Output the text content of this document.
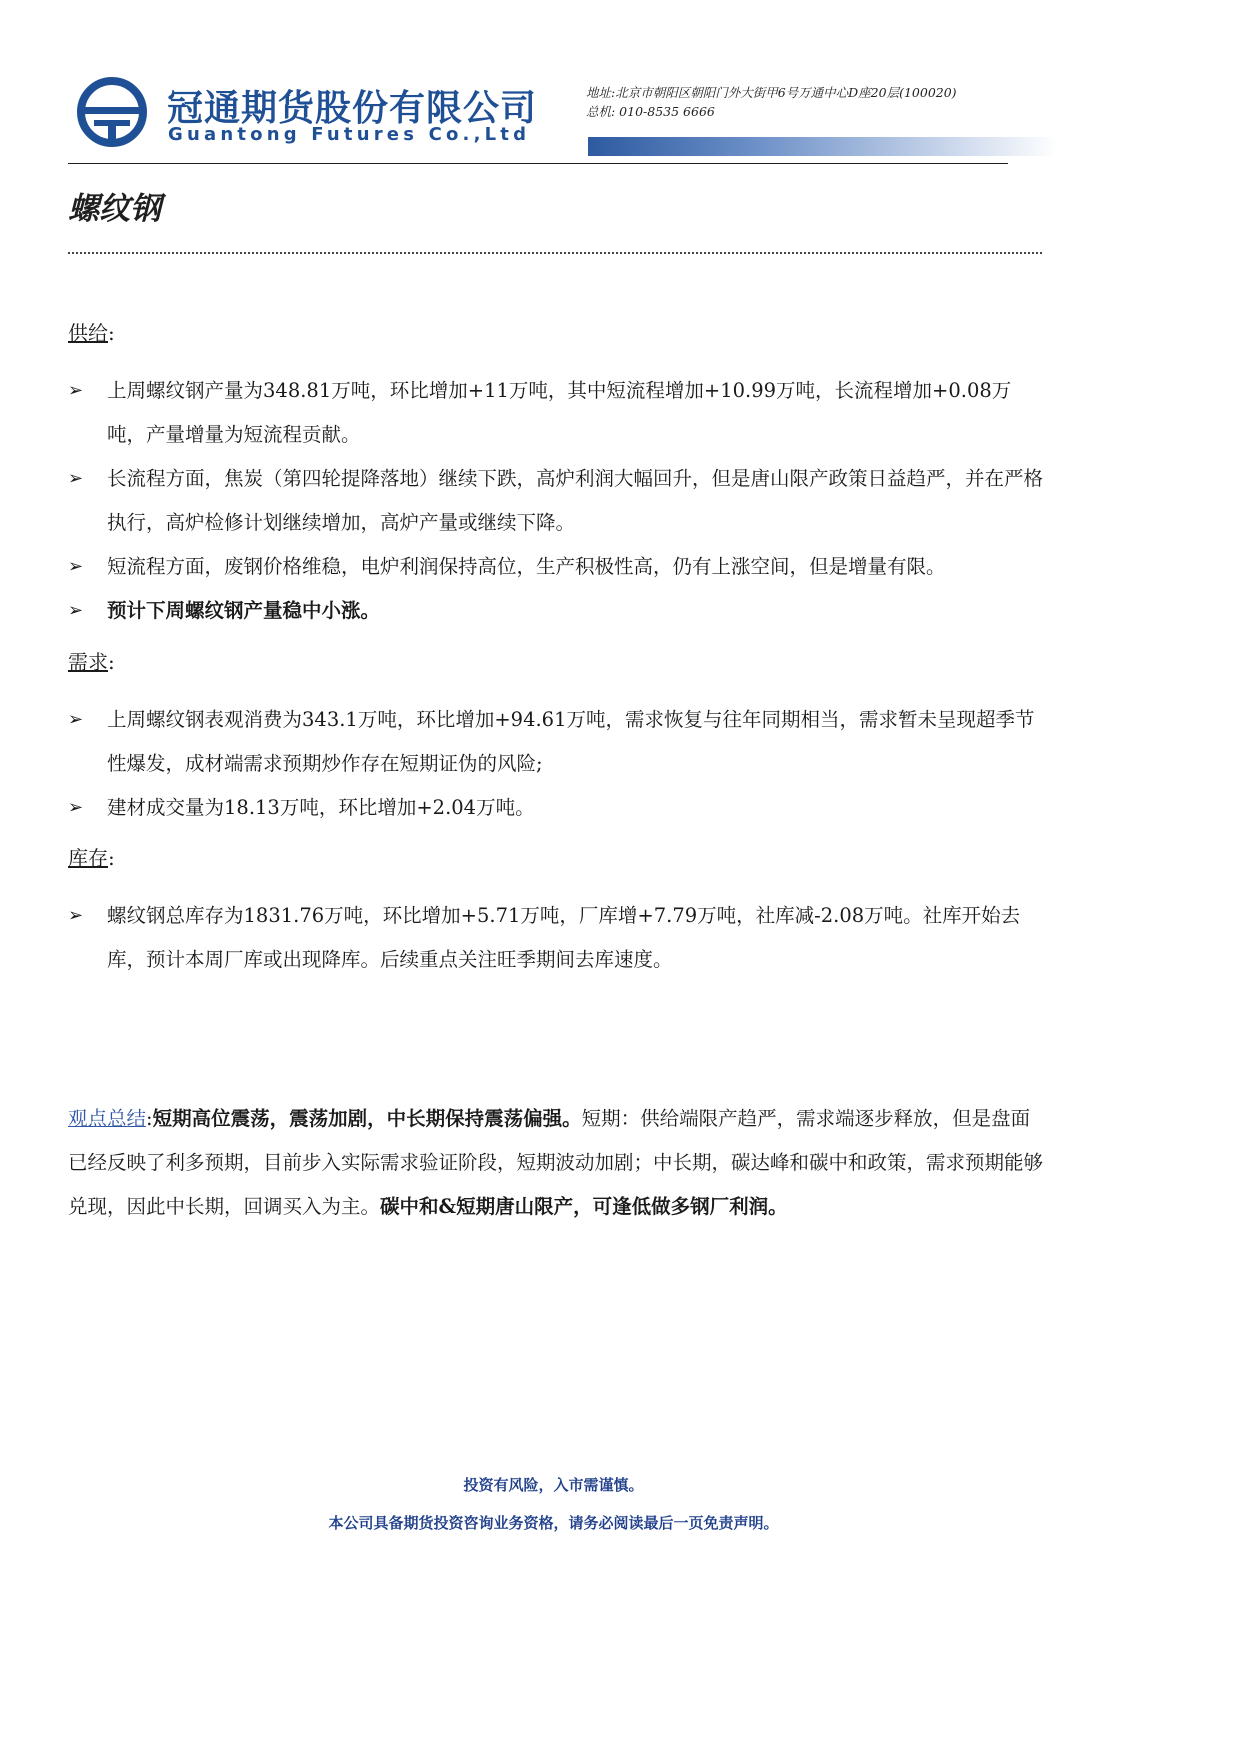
冠通期货股份有限公司
Guantong Futures Co.,Ltd
地址:北京市朝阳区朝阳门外大街甲6号万通中心D座20层(100020)
总机: 010-8535 6666
螺纹钢
供给:
➢ 上周螺纹钢产量为348.81万吨，环比增加+11万吨，其中短流程增加+10.99万吨，长流程增加+0.08万吨，产量增量为短流程贡献。
➢ 长流程方面，焦炭（第四轮提降落地）继续下跌，高炉利润大幅回升，但是唐山限产政策日益趋严，并在严格执行，高炉检修计划继续增加，高炉产量或继续下降。
➢ 短流程方面，废钢价格维稳，电炉利润保持高位，生产积极性高，仍有上涨空间，但是增量有限。
➢ 预计下周螺纹钢产量稳中小涨。
需求:
➢ 上周螺纹钢表观消费为343.1万吨，环比增加+94.61万吨，需求恢复与往年同期相当，需求暂未呈现超季节性爆发，成材端需求预期炒作存在短期证伪的风险;
➢ 建材成交量为18.13万吨，环比增加+2.04万吨。
库存:
➢ 螺纹钢总库存为1831.76万吨，环比增加+5.71万吨，厂库增+7.79万吨，社库减-2.08万吨。社库开始去库，预计本周厂库或出现降库。后续重点关注旺季期间去库速度。
观点总结:短期高位震荡，震荡加剧，中长期保持震荡偏强。短期：供给端限产趋严，需求端逐步释放，但是盘面已经反映了利多预期，目前步入实际需求验证阶段，短期波动加剧；中长期，碳达峰和碳中和政策，需求预期能够兑现，因此中长期，回调买入为主。碳中和&短期唐山限产，可逢低做多钢厂利润。
投资有风险，入市需谨慎。
本公司具备期货投资咨询业务资格，请务必阅读最后一页免责声明。
